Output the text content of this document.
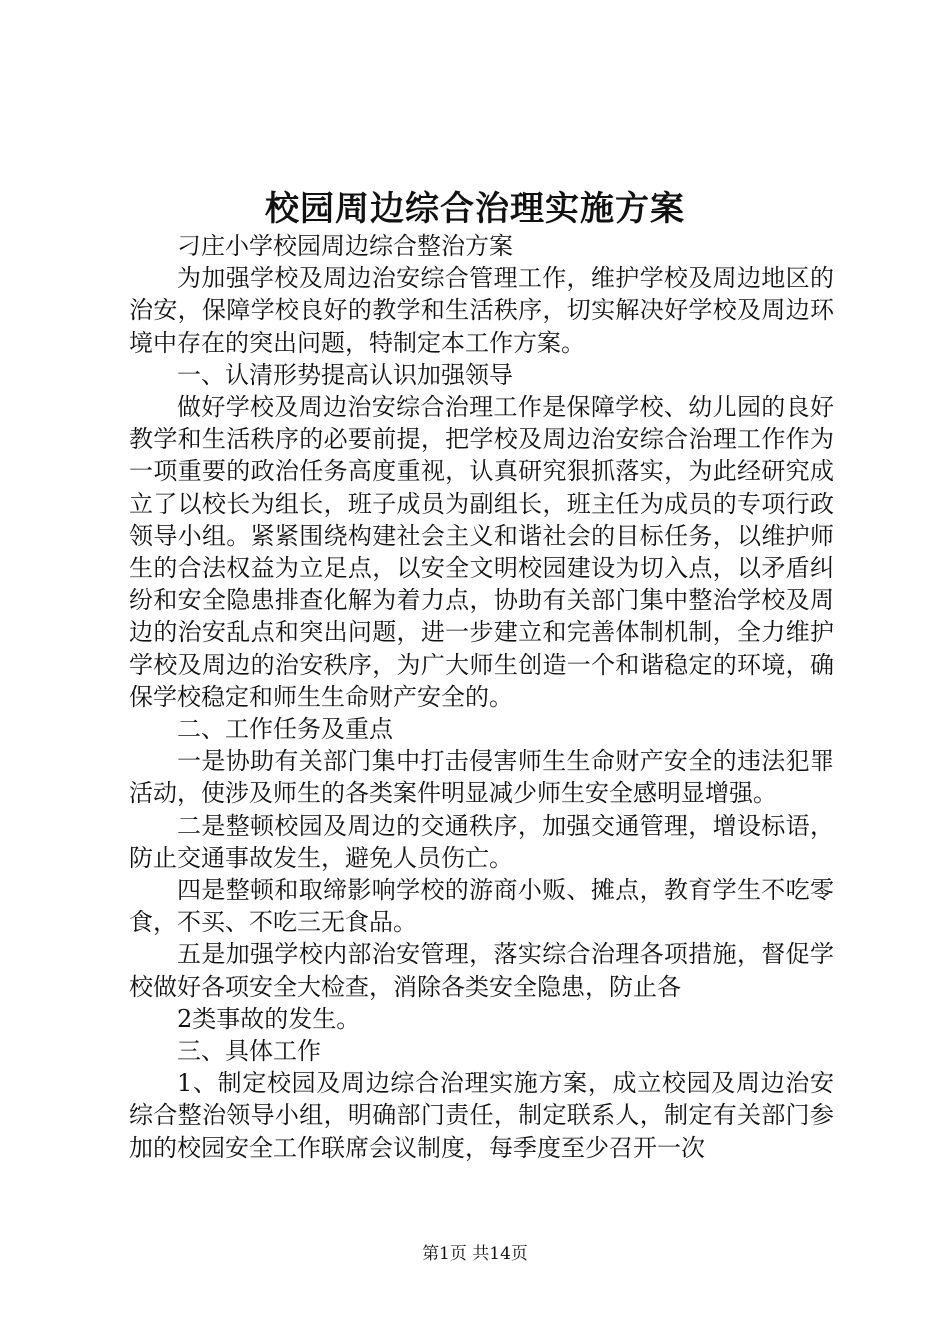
校园周边综合治理实施方案

刁庄小学校园周边综合整治方案

为加强学校及周边治安综合管理工作，维护学校及周边地区的治安，保障学校良好的教学和生活秩序，切实解决好学校及周边环境中存在的突出问题，特制定本工作方案。

一、认清形势提高认识加强领导

做好学校及周边治安综合治理工作是保障学校、幼儿园的良好教学和生活秩序的必要前提，把学校及周边治安综合治理工作作为一项重要的政治任务高度重视，认真研究狠抓落实，为此经研究成立了以校长为组长，班子成员为副组长，班主任为成员的专项行政领导小组。紧紧围绕构建社会主义和谐社会的目标任务，以维护师生的合法权益为立足点，以安全文明校园建设为切入点，以矛盾纠纷和安全隐患排查化解为着力点，协助有关部门集中整治学校及周边的治安乱点和突出问题，进一步建立和完善体制机制，全力维护学校及周边的治安秩序，为广大师生创造一个和谐稳定的环境，确保学校稳定和师生生命财产安全的。

二、工作任务及重点

一是协助有关部门集中打击侵害师生生命财产安全的违法犯罪活动，使涉及师生的各类案件明显减少师生安全感明显增强。

二是整顿校园及周边的交通秩序，加强交通管理，增设标语，防止交通事故发生，避免人员伤亡。

四是整顿和取缔影响学校的游商小贩、摊点，教育学生不吃零食，不买、不吃三无食品。

五是加强学校内部治安管理，落实综合治理各项措施，督促学校做好各项安全大检查，消除各类安全隐患，防止各

2类事故的发生。

三、具体工作

1、制定校园及周边综合治理实施方案，成立校园及周边治安综合整治领导小组，明确部门责任，制定联系人，制定有关部门参加的校园安全工作联席会议制度，每季度至少召开一次

第1页 共14页
